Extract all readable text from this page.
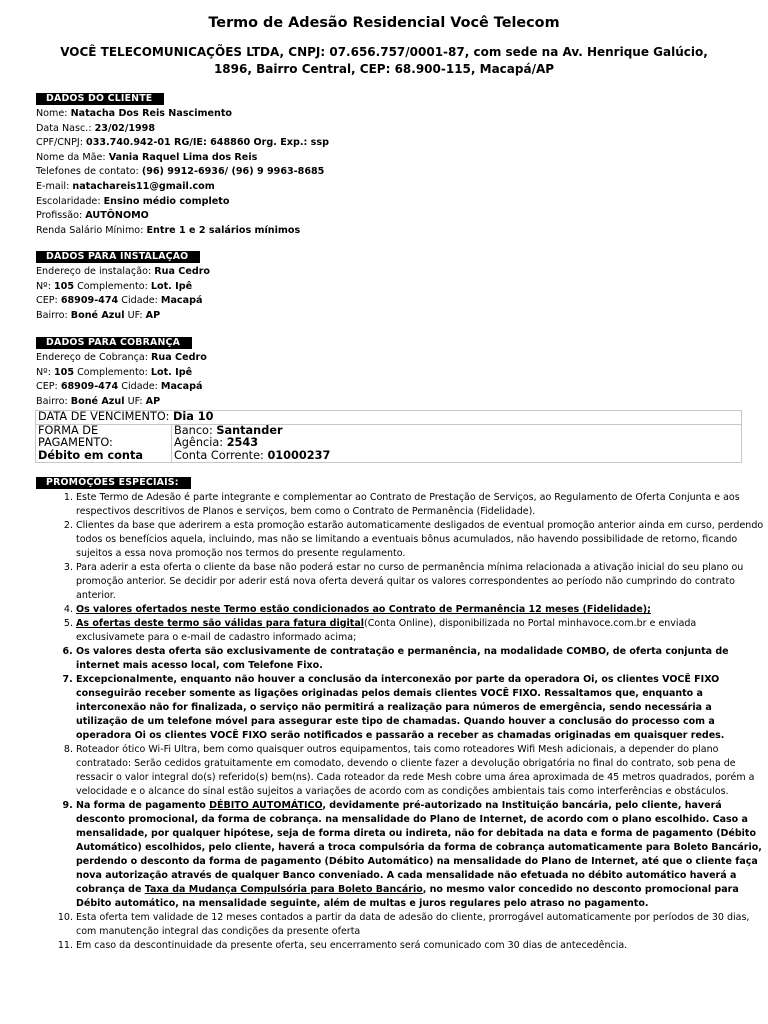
Termo de Adesão Residencial Você Telecom

VOCÊ TELECOMUNICAÇÕES LTDA, CNPJ: 07.656.757/0001-87, com sede na Av. Henrique Galúcio, 1896, Bairro Central, CEP: 68.900-115, Macapá/AP

DADOS DO CLIENTE
Nome: Natacha Dos Reis Nascimento
Data Nasc.: 23/02/1998
CPF/CNPJ: 033.740.942-01 RG/IE: 648860 Org. Exp.: ssp
Nome da Mãe: Vania Raquel Lima dos Reis
Telefones de contato: (96) 9912-6936/ (96) 9 9963-8685
E-mail: natachareis11@gmail.com
Escolaridade: Ensino médio completo
Profissão: AUTÔNOMO
Renda Salário Mínimo: Entre 1 e 2 salários mínimos
DADOS PARA INSTALAÇÃO
Endereço de instalação: Rua Cedro
Nº: 105 Complemento: Lot. Ipê
CEP: 68909-474 Cidade: Macapá
Bairro: Boné Azul UF: AP
DADOS PARA COBRANÇA
Endereço de Cobrança: Rua Cedro
Nº: 105 Complemento: Lot. Ipê
CEP: 68909-474 Cidade: Macapá
Bairro: Boné Azul UF: AP
DATA DE VENCIMENTO: Dia 10

FORMA DE PAGAMENTO:
Débito em conta

Banco: Santander
Agência: 2543
Conta Corrente: 01000237
PROMOÇÕES ESPECIAIS:
1. Este Termo de Adesão é parte integrante e complementar ao Contrato de Prestação de Serviços, ao Regulamento de Oferta Conjunta e aos respectivos descritivos de Planos e serviços, bem como o Contrato de Permanência (Fidelidade).
2. Clientes da base que aderirem a esta promoção estarão automaticamente desligados de eventual promoção anterior ainda em curso, perdendo todos os benefícios aquela, incluindo, mas não se limitando a eventuais bônus acumulados, não havendo possibilidade de retorno, ficando sujeitos a essa nova promoção nos termos do presente regulamento.
3. Para aderir a esta oferta o cliente da base não poderá estar no curso de permanência mínima relacionada a ativação inicial do seu plano ou promoção anterior. Se decidir por aderir está nova oferta deverá quitar os valores correspondentes ao período não cumprindo do contrato anterior.
4. Os valores ofertados neste Termo estão condicionados ao Contrato de Permanência 12 meses (Fidelidade);
5. As ofertas deste termo são válidas para fatura digital(Conta Online), disponibilizada no Portal minhavoce.com.br e enviada exclusivamete para o e-mail de cadastro informado acima;
6. Os valores desta oferta são exclusivamente de contratação e permanência, na modalidade COMBO, de oferta conjunta de internet mais acesso local, com Telefone Fixo.
7. Excepcionalmente, enquanto não houver a conclusão da interconexão por parte da operadora Oi, os clientes VOCÊ FIXO conseguirão receber somente as ligações originadas pelos demais clientes VOCÊ FIXO. Ressaltamos que, enquanto a interconexão não for finalizada, o serviço não permitirá a realização para números de emergência, sendo necessária a utilização de um telefone móvel para assegurar este tipo de chamadas. Quando houver a conclusão do processo com a operadora Oi os clientes VOCÊ FIXO serão notificados e passarão a receber as chamadas originadas em quaisquer redes.
8. Roteador ótico Wi-Fi Ultra, bem como quaisquer outros equipamentos, tais como roteadores Wifi Mesh adicionais, a depender do plano contratado: Serão cedidos gratuitamente em comodato, devendo o cliente fazer a devolução obrigatória no final do contrato, sob pena de ressacir o valor integral do(s) referido(s) bem(ns). Cada roteador da rede Mesh cobre uma área aproximada de 45 metros quadrados, porém a velocidade e o alcance do sinal estão sujeitos a variações de acordo com as condições ambientais tais como interferências e obstáculos.
9. Na forma de pagamento DÉBITO AUTOMÁTICO, devidamente pré-autorizado na Instituição bancária, pelo cliente, haverá desconto promocional, da forma de cobrança. na mensalidade do Plano de Internet, de acordo com o plano escolhido. Caso a mensalidade, por qualquer hipótese, seja de forma direta ou indireta, não for debitada na data e forma de pagamento (Débito Automático) escolhidos, pelo cliente, haverá a troca compulsória da forma de cobrança automaticamente para Boleto Bancário, perdendo o desconto da forma de pagamento (Débito Automático) na mensalidade do Plano de Internet, até que o cliente faça nova autorização através de qualquer Banco conveniado. A cada mensalidade não efetuada no débito automático haverá a cobrança de Taxa da Mudança Compulsória para Boleto Bancário, no mesmo valor concedido no desconto promocional para Débito automático, na mensalidade seguinte, além de multas e juros regulares pelo atraso no pagamento.
10. Esta oferta tem validade de 12 meses contados a partir da data de adesão do cliente, prorrogável automaticamente por períodos de 30 dias, com manutenção integral das condições da presente oferta
11. Em caso da descontinuidade da presente oferta, seu encerramento será comunicado com 30 dias de antecedência.
